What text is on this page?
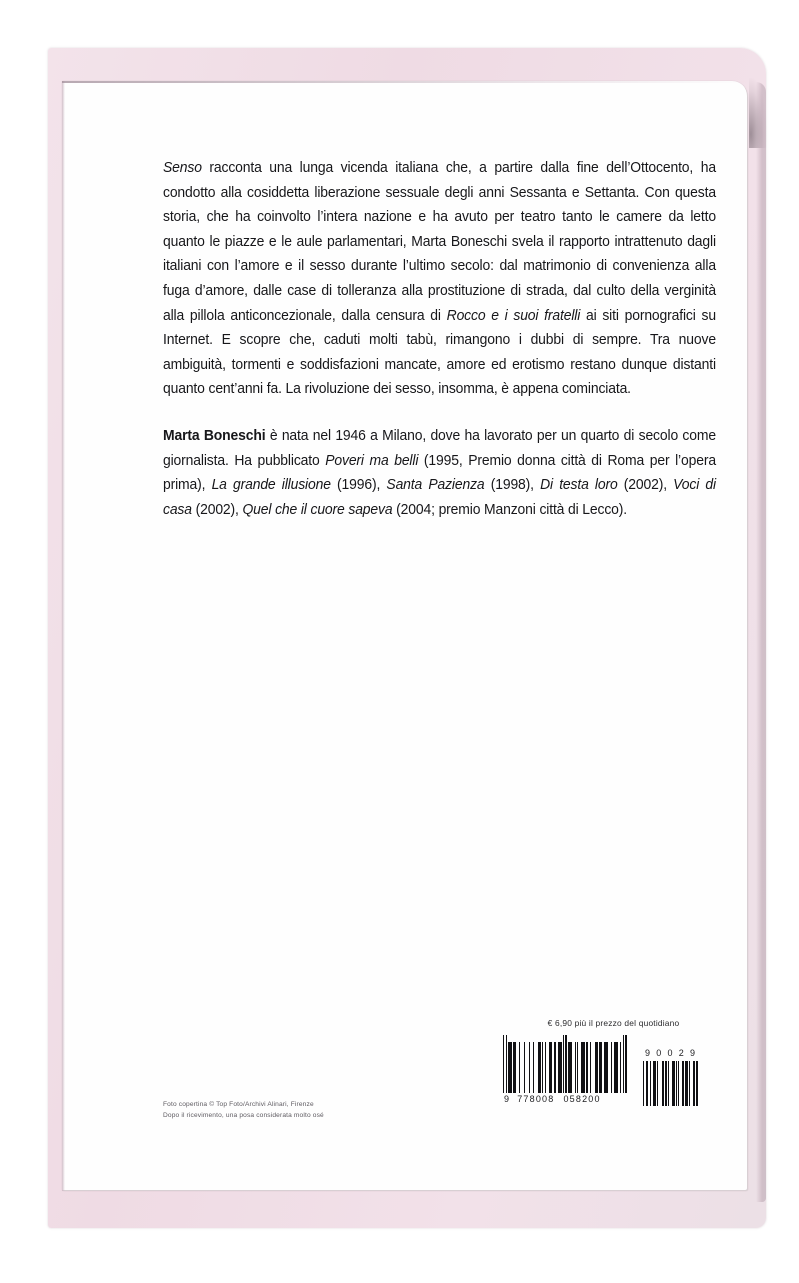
Senso racconta una lunga vicenda italiana che, a partire dalla fine dell’Ottocento, ha condotto alla cosiddetta liberazione sessuale degli anni Sessanta e Settanta. Con questa storia, che ha coinvolto l’intera nazione e ha avuto per teatro tanto le camere da letto quanto le piazze e le aule parlamentari, Marta Boneschi svela il rapporto intrattenuto dagli italiani con l’amore e il sesso durante l’ultimo secolo: dal matrimonio di convenienza alla fuga d’amore, dalle case di tolleranza alla prostituzione di strada, dal culto della verginità alla pillola anticoncezionale, dalla censura di Rocco e i suoi fratelli ai siti pornografici su Internet. E scopre che, caduti molti tabù, rimangono i dubbi di sempre. Tra nuove ambiguità, tormenti e soddisfazioni mancate, amore ed erotismo restano dunque distanti quanto cent’anni fa. La rivoluzione dei sesso, insomma, è appena cominciata.

Marta Boneschi è nata nel 1946 a Milano, dove ha lavorato per un quarto di secolo come giornalista. Ha pubblicato Poveri ma belli (1995, Premio donna città di Roma per l’opera prima), La grande illusione (1996), Santa Pazienza (1998), Di testa loro (2002), Voci di casa (2002), Quel che il cuore sapeva (2004; premio Manzoni città di Lecco).

€ 6,90 più il prezzo del quotidiano
9 778008 058200
9 0 0 2 9
Foto copertina © Top Foto/Archivi Alinari, Firenze
Dopo il ricevimento, una posa considerata molto osé
